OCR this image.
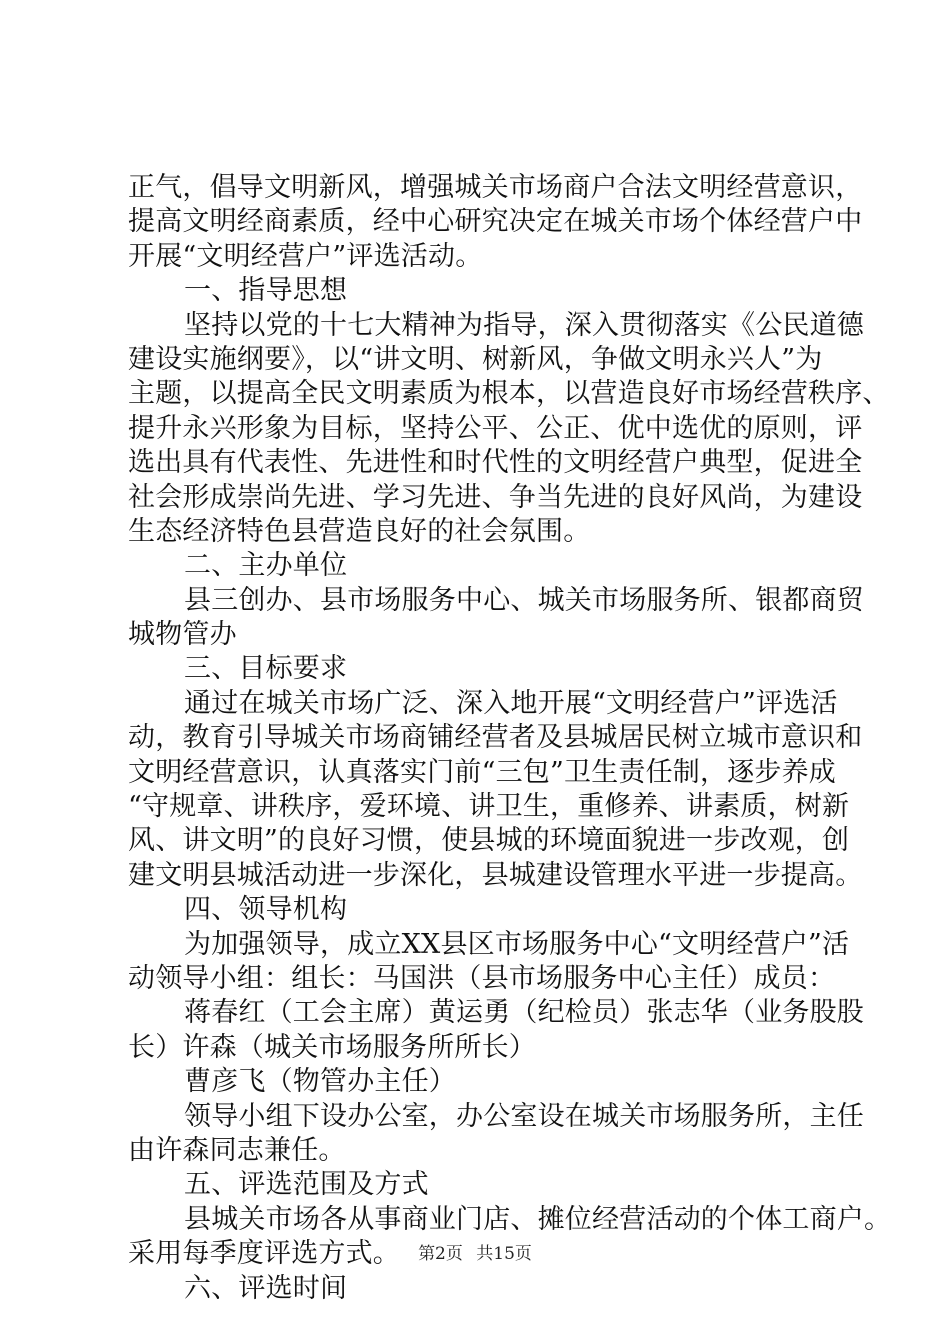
正气，倡导文明新风，增强城关市场商户合法文明经营意识，
提高文明经商素质，经中心研究决定在城关市场个体经营户中
开展“文明经营户”评选活动。
一、指导思想
坚持以党的十七大精神为指导，深入贯彻落实《公民道德
建设实施纲要》，以“讲文明、树新风，争做文明永兴人”为
主题，以提高全民文明素质为根本，以营造良好市场经营秩序、
提升永兴形象为目标，坚持公平、公正、优中选优的原则，评
选出具有代表性、先进性和时代性的文明经营户典型，促进全
社会形成崇尚先进、学习先进、争当先进的良好风尚，为建设
生态经济特色县营造良好的社会氛围。
二、主办单位
县三创办、县市场服务中心、城关市场服务所、银都商贸
城物管办
三、目标要求
通过在城关市场广泛、深入地开展“文明经营户”评选活
动，教育引导城关市场商铺经营者及县城居民树立城市意识和
文明经营意识，认真落实门前“三包”卫生责任制，逐步养成
“守规章、讲秩序，爱环境、讲卫生，重修养、讲素质，树新
风、讲文明”的良好习惯，使县城的环境面貌进一步改观，创
建文明县城活动进一步深化，县城建设管理水平进一步提高。
四、领导机构
为加强领导，成立XX县区市场服务中心“文明经营户”活
动领导小组：组长：马国洪（县市场服务中心主任）成员：
蒋春红（工会主席）黄运勇（纪检员）张志华（业务股股
长）许森（城关市场服务所所长）
曹彦飞（物管办主任）
领导小组下设办公室，办公室设在城关市场服务所，主任
由许森同志兼任。
五、评选范围及方式
县城关市场各从事商业门店、摊位经营活动的个体工商户。
采用每季度评选方式。
六、评选时间
第2页 共15页
